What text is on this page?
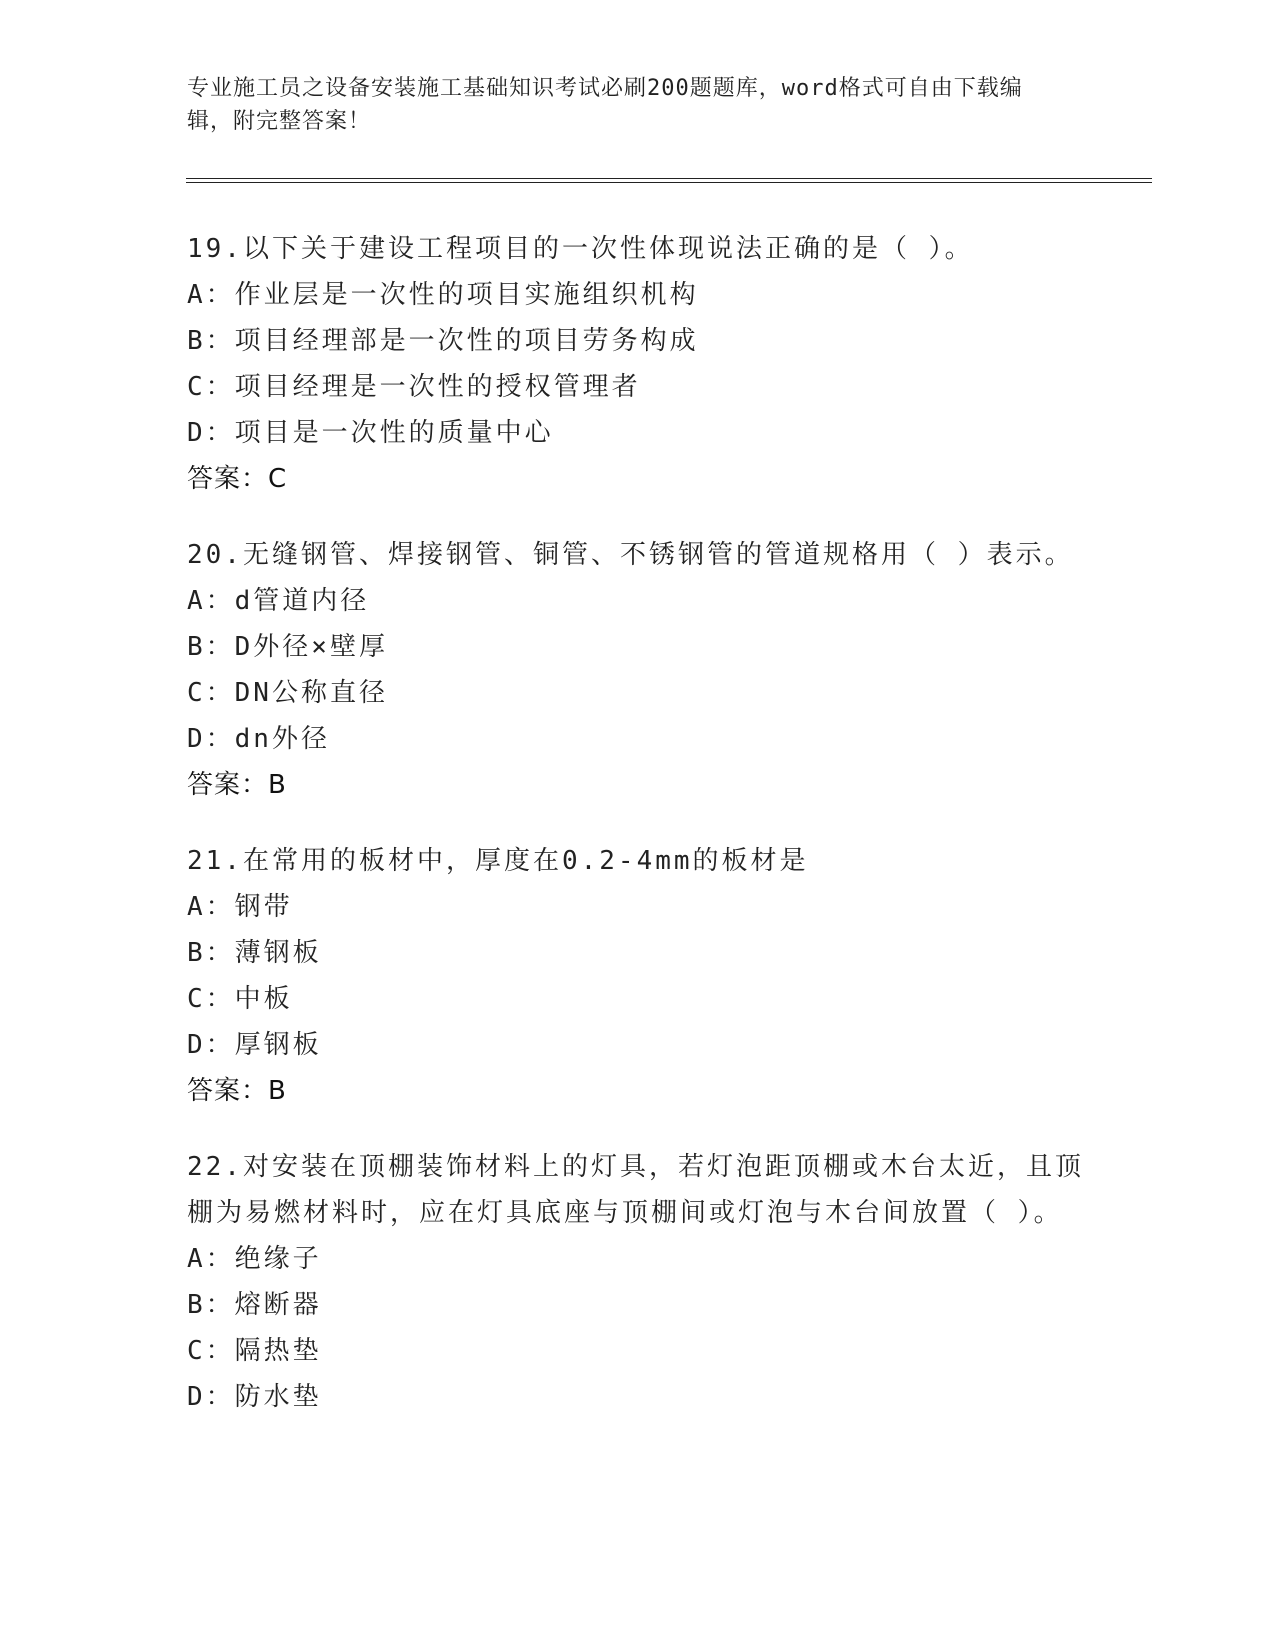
专业施工员之设备安装施工基础知识考试必刷200题题库，word格式可自由下载编辑，附完整答案！
19.以下关于建设工程项目的一次性体现说法正确的是（ ）。
A：作业层是一次性的项目实施组织机构
B：项目经理部是一次性的项目劳务构成
C：项目经理是一次性的授权管理者
D：项目是一次性的质量中心
答案：C
20.无缝钢管、焊接钢管、铜管、不锈钢管的管道规格用（ ）表示。
A：d管道内径
B：D外径×壁厚
C：DN公称直径
D：dn外径
答案：B
21.在常用的板材中，厚度在0.2-4mm的板材是
A：钢带
B：薄钢板
C：中板
D：厚钢板
答案：B
22.对安装在顶棚装饰材料上的灯具，若灯泡距顶棚或木台太近，且顶棚为易燃材料时，应在灯具底座与顶棚间或灯泡与木台间放置（ ）。
A：绝缘子
B：熔断器
C：隔热垫
D：防水垫
